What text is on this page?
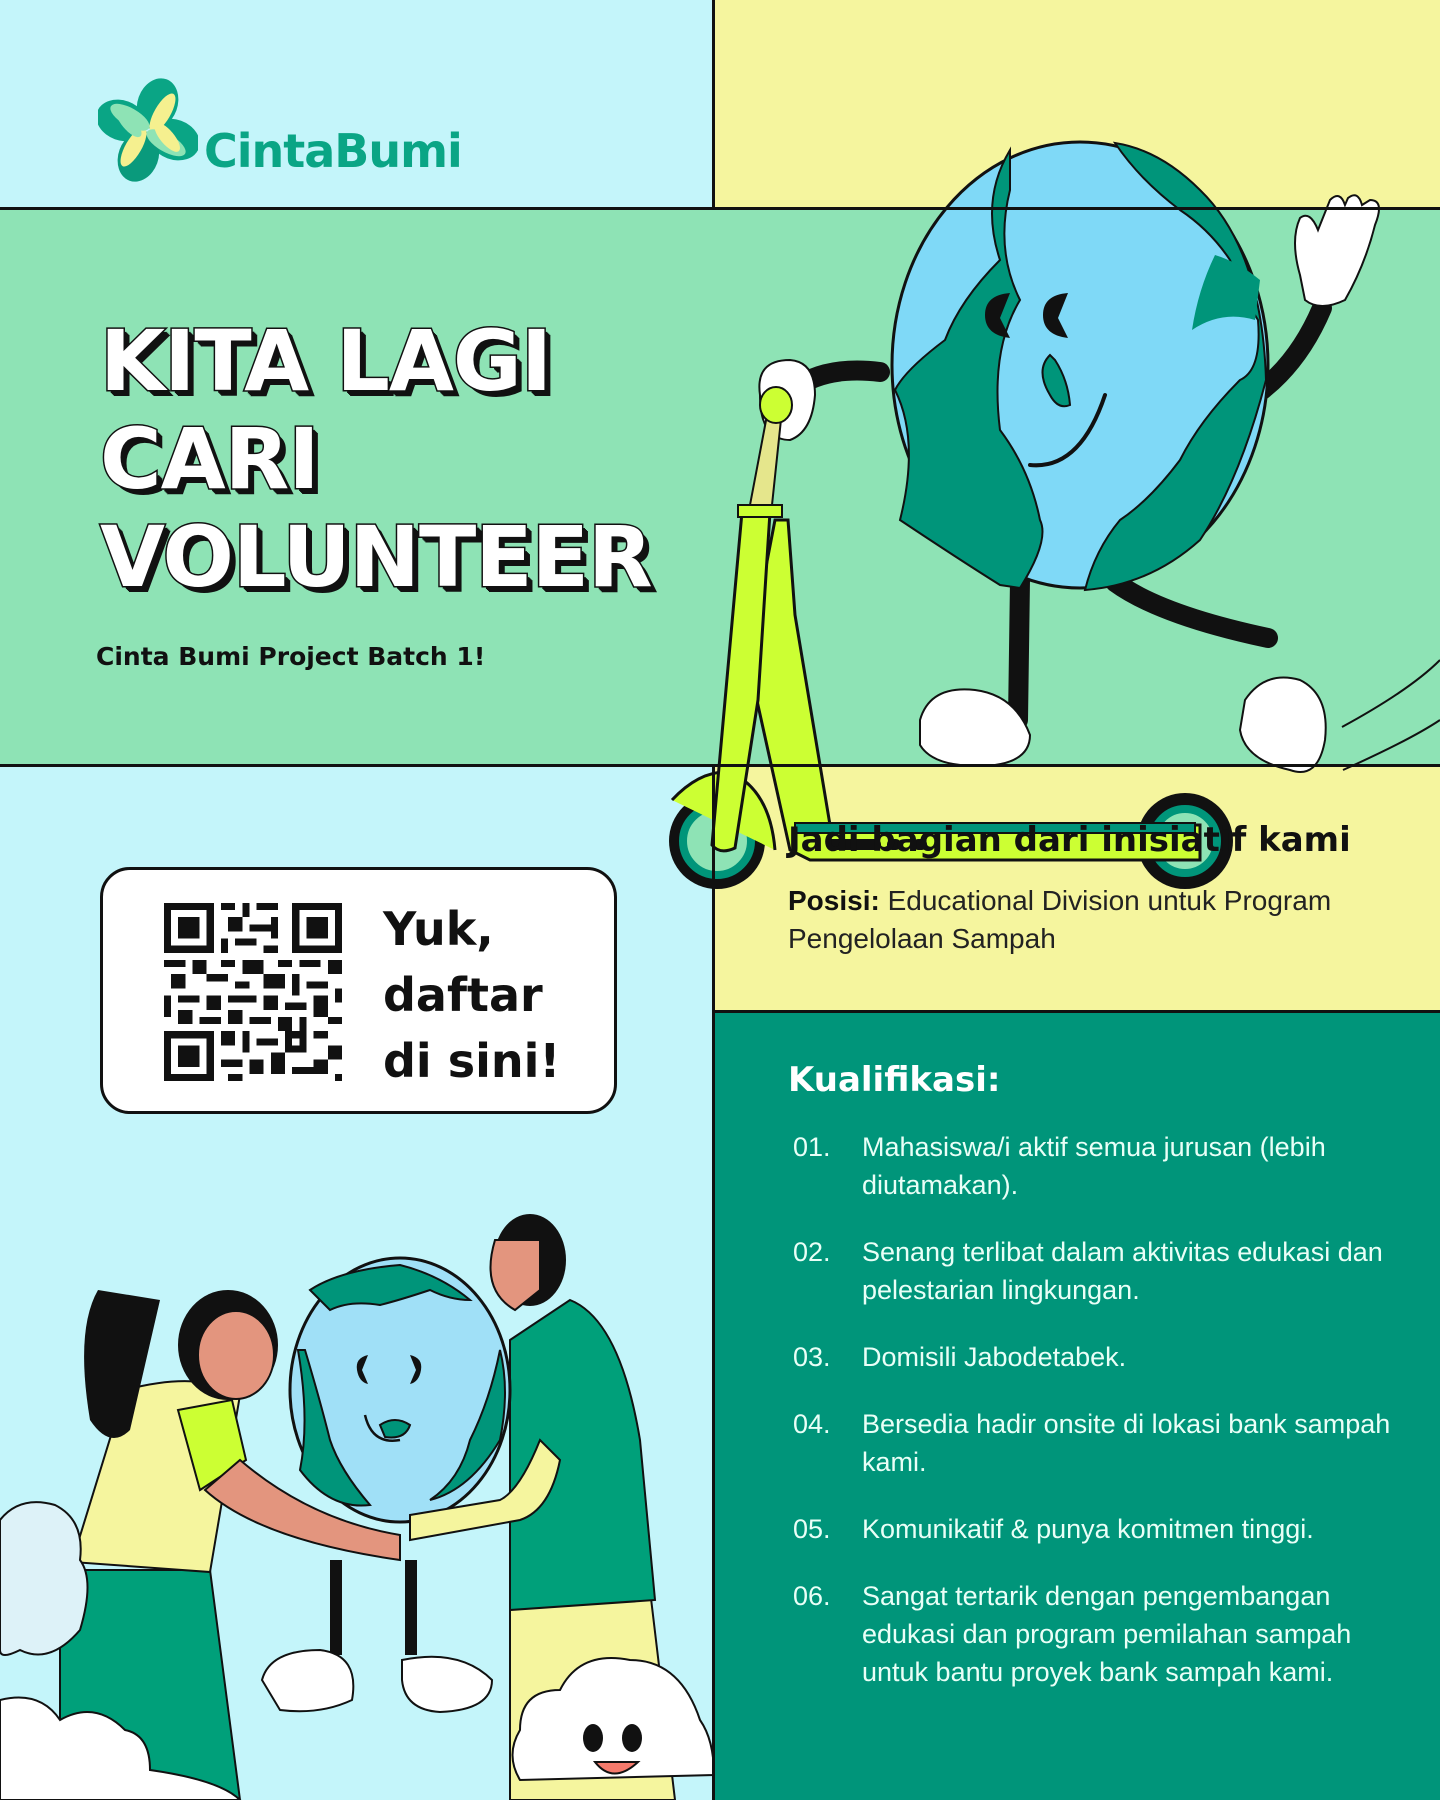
CintaBumi
KITA LAGI
CARI
VOLUNTEER
Cinta Bumi Project Batch 1!
Yuk,
daftar
di sini!
Jadi bagian dari inisiatif kami
Posisi: Educational Division untuk Program Pengelolaan Sampah
Kualifikasi:
01.	Mahasiswa/i aktif semua jurusan (lebih diutamakan).
02.	Senang terlibat dalam aktivitas edukasi dan pelestarian lingkungan.
03.	Domisili Jabodetabek.
04.	Bersedia hadir onsite di lokasi bank sampah kami.
05.	Komunikatif & punya komitmen tinggi.
06.	Sangat tertarik dengan pengembangan edukasi dan program pemilahan sampah untuk bantu proyek bank sampah kami.
